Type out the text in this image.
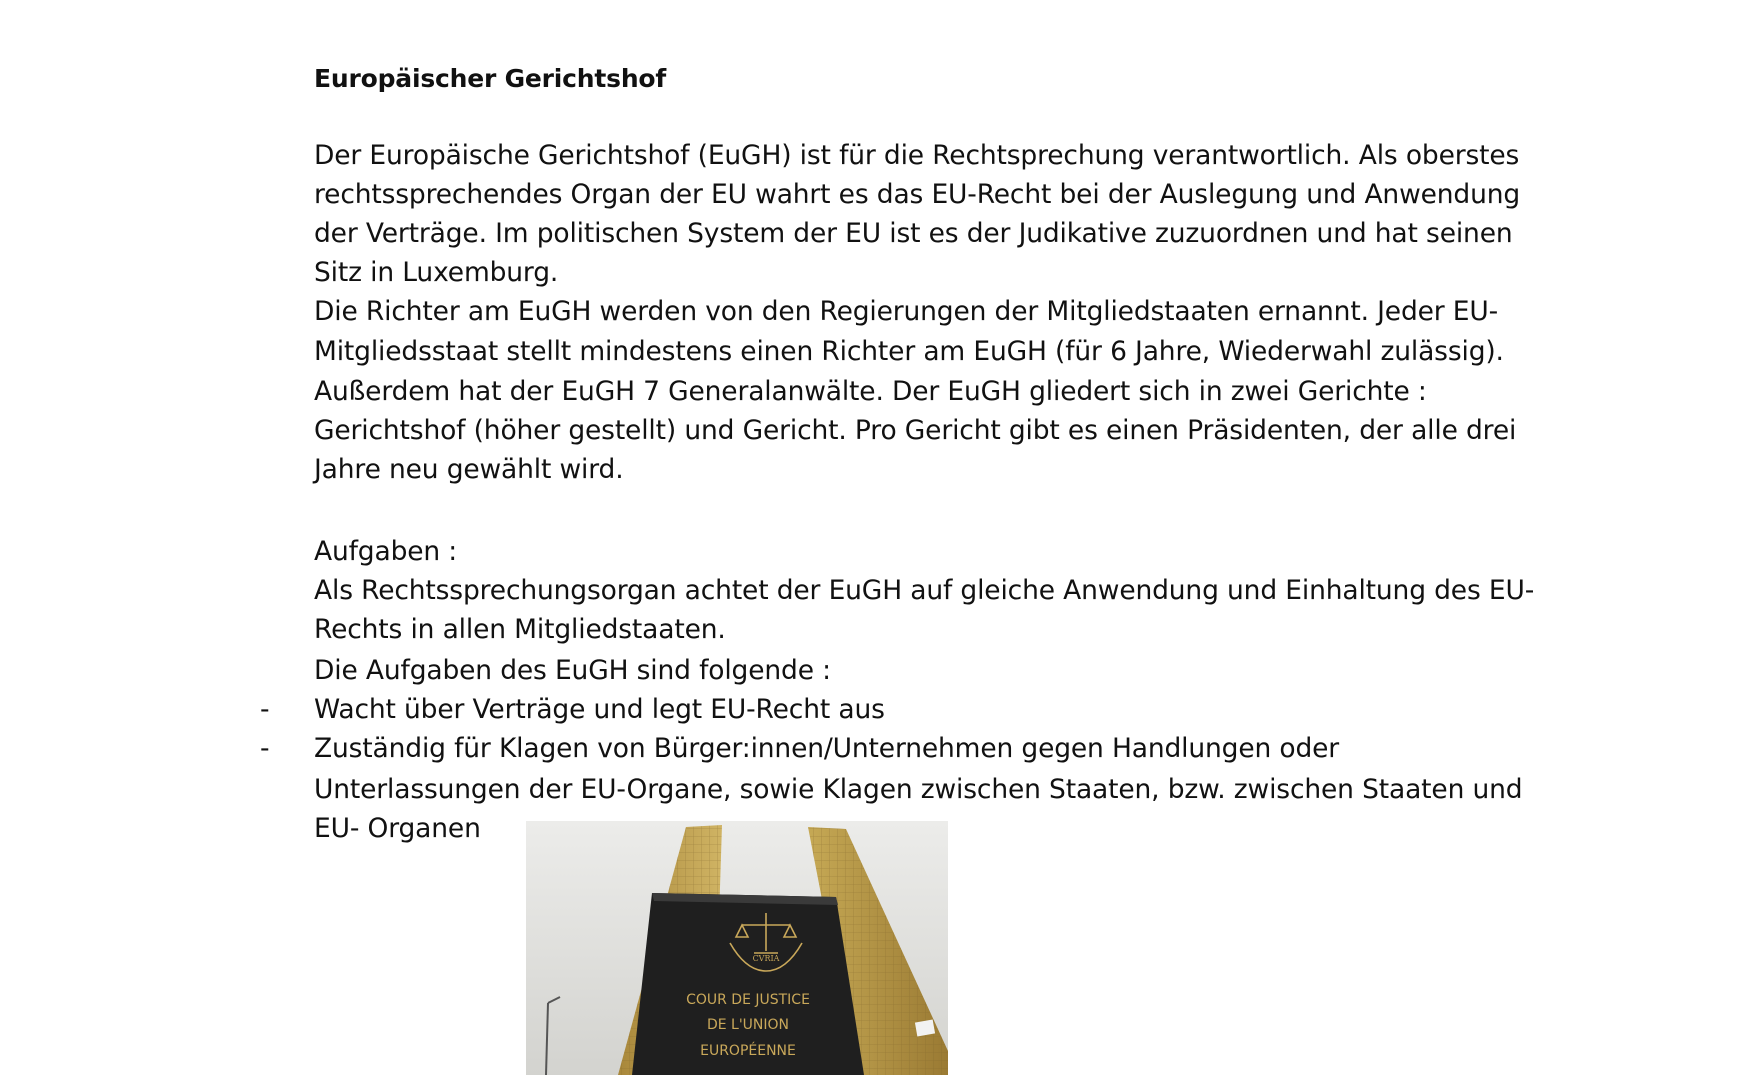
Europäischer Gerichtshof

Der Europäische Gerichtshof (EuGH) ist für die Rechtsprechung verantwortlich. Als oberstes

rechtssprechendes Organ der EU wahrt es das EU-Recht bei der Auslegung und Anwendung

der Verträge. Im politischen System der EU ist es der Judikative zuzuordnen und hat seinen

Sitz in Luxemburg.

Die Richter am EuGH werden von den Regierungen der Mitgliedstaaten ernannt. Jeder EU-

Mitgliedsstaat stellt mindestens einen Richter am EuGH (für 6 Jahre, Wiederwahl zulässig).

Außerdem hat der EuGH 7 Generalanwälte. Der EuGH gliedert sich in zwei Gerichte :

Gerichtshof (höher gestellt) und Gericht. Pro Gericht gibt es einen Präsidenten, der alle drei

Jahre neu gewählt wird.

Aufgaben :

Als Rechtssprechungsorgan achtet der EuGH auf gleiche Anwendung und Einhaltung des EU-

Rechts in allen Mitgliedstaaten.

Die Aufgaben des EuGH sind folgende :

- Wacht über Verträge und legt EU-Recht aus

- Zuständig für Klagen von Bürger:innen/Unternehmen gegen Handlungen oder

Unterlassungen der EU-Organe, sowie Klagen zwischen Staaten, bzw. zwischen Staaten und

EU- Organen

CVRIA
COUR DE JUSTICE
DE L'UNION
EUROPÉENNE
